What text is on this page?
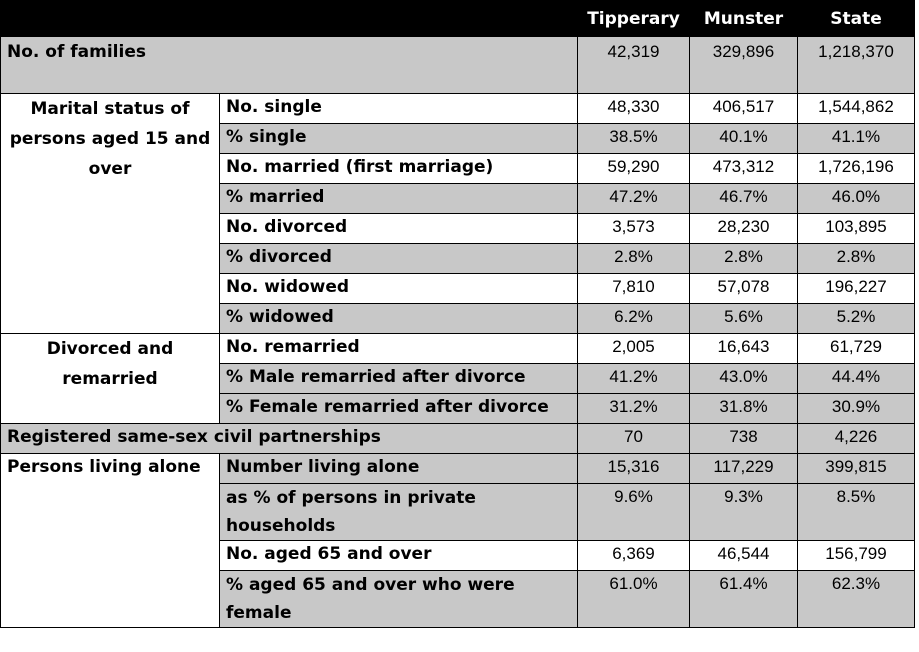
		Tipperary	Munster	State
No. of families		42,319	329,896	1,218,370
Marital status of persons aged 15 and over	No. single	48,330	406,517	1,544,862
	% single	38.5%	40.1%	41.1%
	No. married (first marriage)	59,290	473,312	1,726,196
	% married	47.2%	46.7%	46.0%
	No. divorced	3,573	28,230	103,895
	% divorced	2.8%	2.8%	2.8%
	No. widowed	7,810	57,078	196,227
	% widowed	6.2%	5.6%	5.2%
Divorced and remarried	No. remarried	2,005	16,643	61,729
	% Male remarried after divorce	41.2%	43.0%	44.4%
	% Female remarried after divorce	31.2%	31.8%	30.9%
Registered same-sex civil partnerships		70	738	4,226
Persons living alone	Number living alone	15,316	117,229	399,815
	as % of persons in private households	9.6%	9.3%	8.5%
	No. aged 65 and over	6,369	46,544	156,799
	% aged 65 and over who were female	61.0%	61.4%	62.3%
